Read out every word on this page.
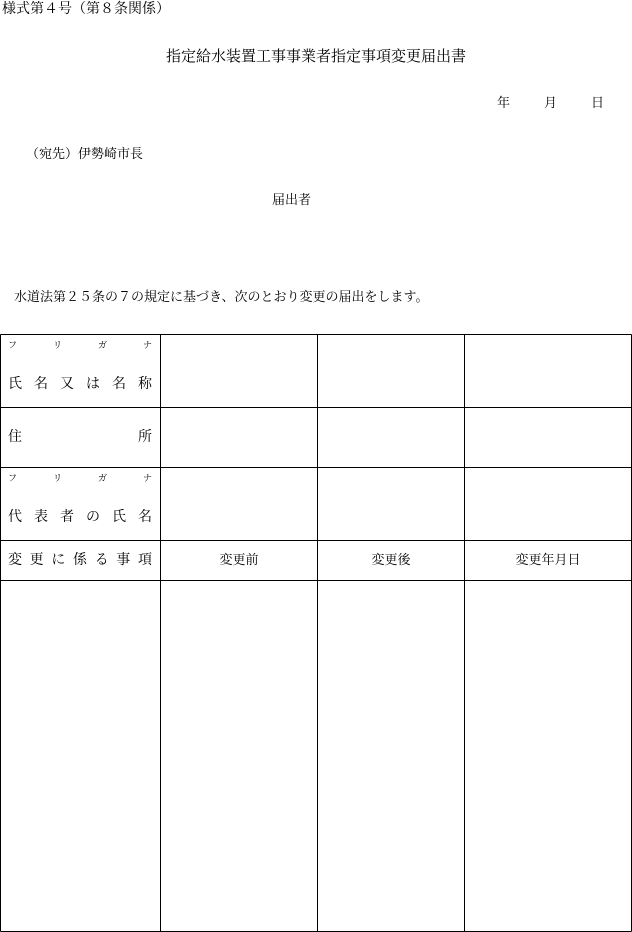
様式第４号（第８条関係）
指定給水装置工事事業者指定事項変更届出書
年	月	日
（宛先）伊勢崎市長
届出者
水道法第２５条の７の規定に基づき、次のとおり変更の届出をします。
フ	リ	ガ	ナ
氏 名 又 は 名 称
住	所
フ	リ	ガ	ナ
代 表 者 の 氏 名
変 更 に 係 る 事 項	変更前	変更後	変更年月日
